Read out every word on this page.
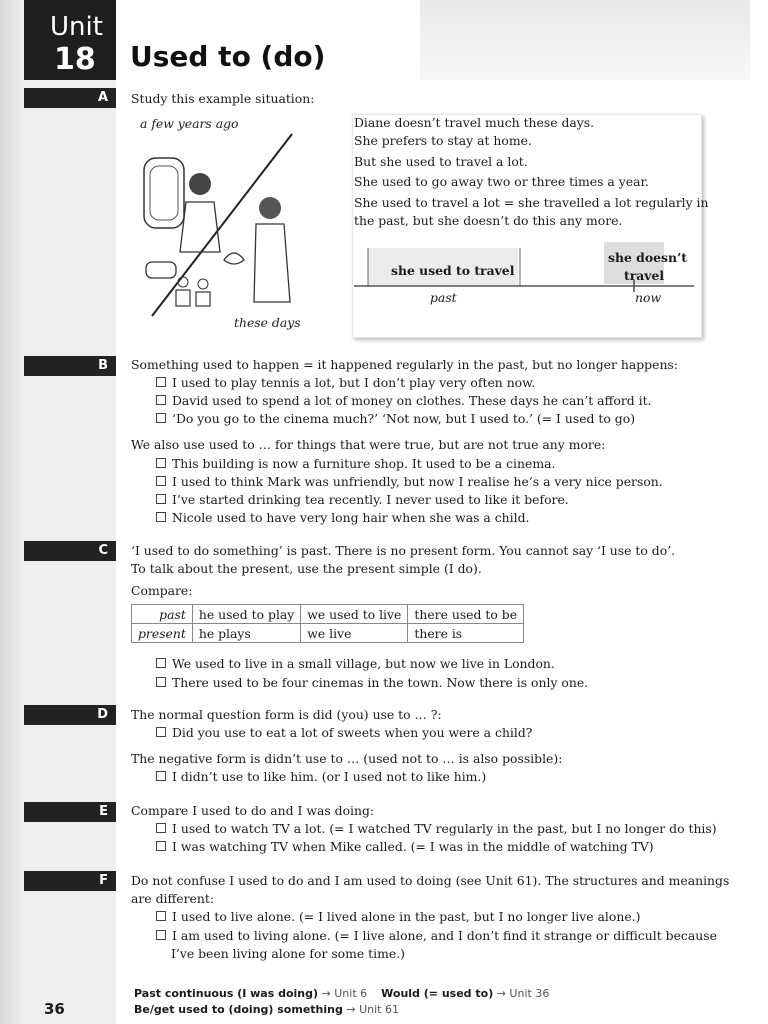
Unit
18 Used to (do)
A	Study this example situation:
a few years ago
these days
Diane doesn’t travel much these days.
She prefers to stay at home.
But she used to travel a lot.
She used to go away two or three times a year.
She used to travel a lot = she travelled a lot regularly in
the past, but she doesn’t do this any more.
she used to travel
she doesn’t
travel
past	now
B	Something used to happen = it happened regularly in the past, but no longer happens:
I used to play tennis a lot, but I don’t play very often now.
David used to spend a lot of money on clothes. These days he can’t afford it.
‘Do you go to the cinema much?’ ‘Not now, but I used to.’ (= I used to go)
We also use used to … for things that were true, but are not true any more:
This building is now a furniture shop. It used to be a cinema.
I used to think Mark was unfriendly, but now I realise he’s a very nice person.
I’ve started drinking tea recently. I never used to like it before.
Nicole used to have very long hair when she was a child.
C	‘I used to do something’ is past. There is no present form. You cannot say ‘I use to do’.
To talk about the present, use the present simple (I do).
Compare:
past	he used to play	we used to live	there used to be
present	he plays	we live	there is
We used to live in a small village, but now we live in London.
There used to be four cinemas in the town. Now there is only one.
D	The normal question form is did (you) use to … ?:
Did you use to eat a lot of sweets when you were a child?
The negative form is didn’t use to … (used not to … is also possible):
I didn’t use to like him. (or I used not to like him.)
E	Compare I used to do and I was doing:
I used to watch TV a lot. (= I watched TV regularly in the past, but I no longer do this)
I was watching TV when Mike called. (= I was in the middle of watching TV)
F	Do not confuse I used to do and I am used to doing (see Unit 61). The structures and meanings
are different:
I used to live alone. (= I lived alone in the past, but I no longer live alone.)
I am used to living alone. (= I live alone, and I don’t find it strange or difficult because
I’ve been living alone for some time.)
36
Past continuous (I was doing) → Unit 6 Would (= used to) → Unit 36
Be/get used to (doing) something → Unit 61
